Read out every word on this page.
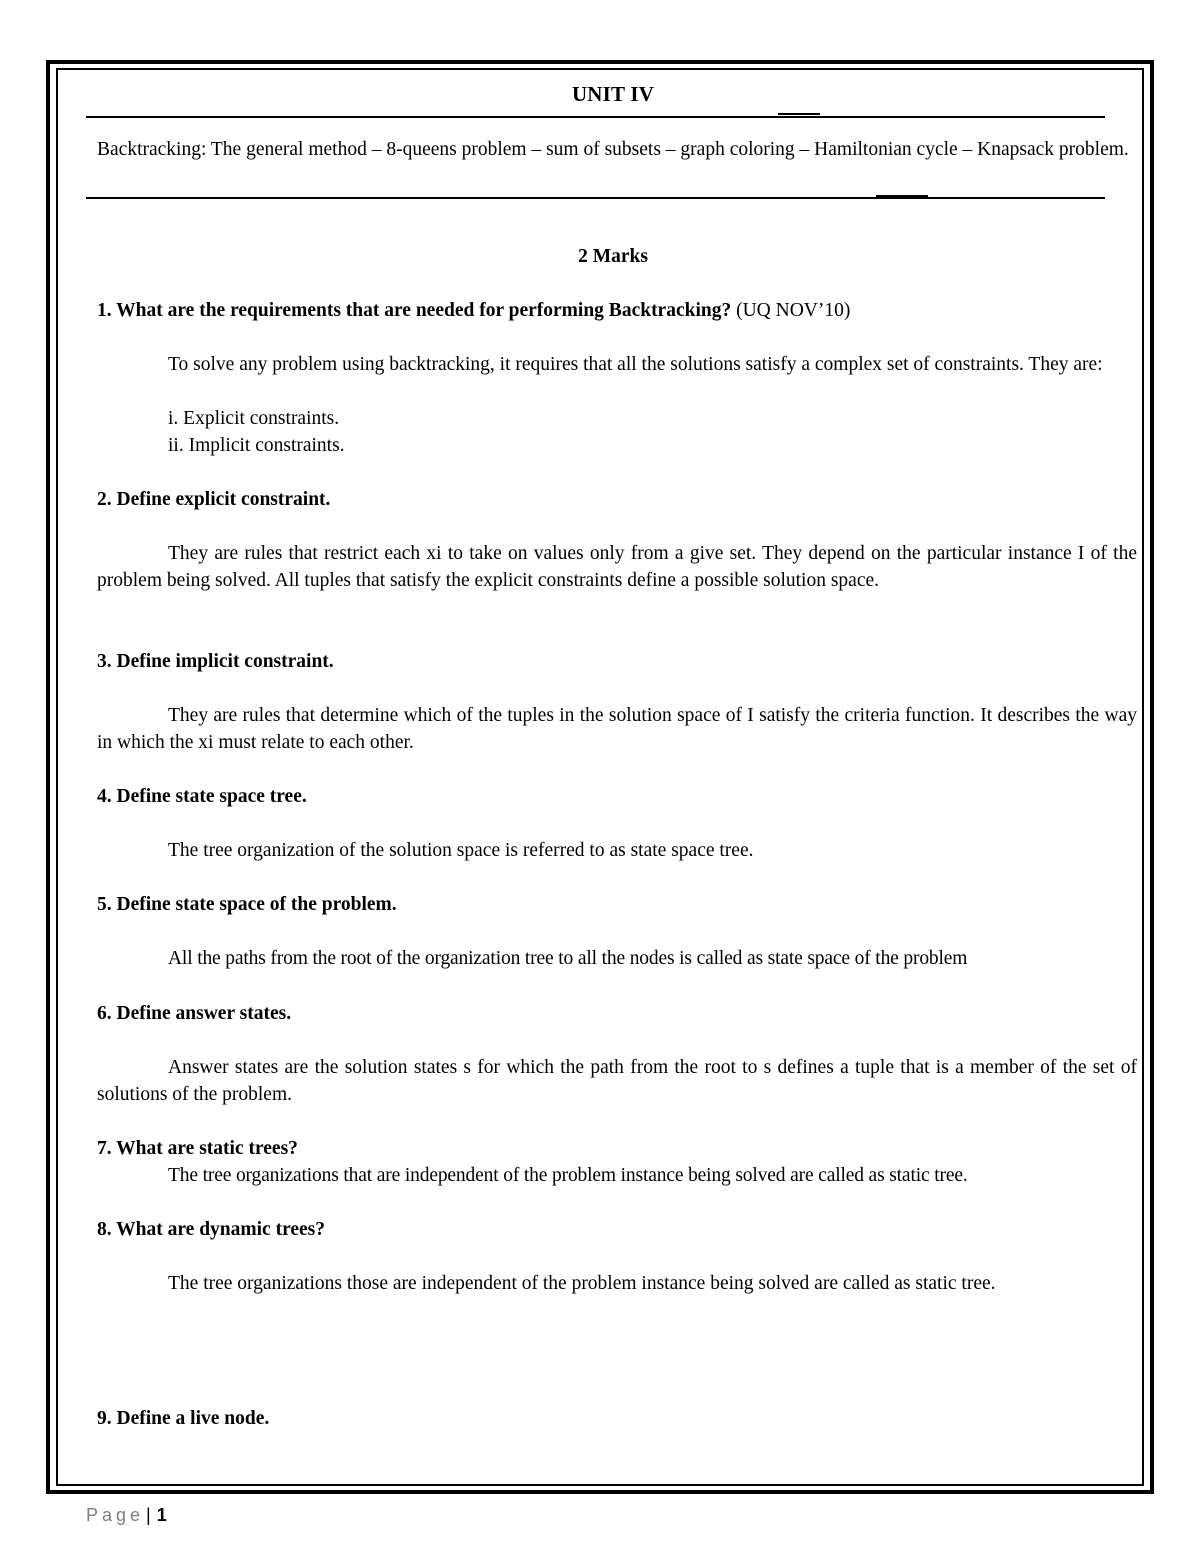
UNIT IV
Backtracking: The general method – 8-queens problem – sum of subsets – graph coloring – Hamiltonian cycle – Knapsack problem.
2 Marks
1. What are the requirements that are needed for performing Backtracking? (UQ NOV’10)
To solve any problem using backtracking, it requires that all the solutions satisfy a complex set of constraints. They are:
i. Explicit constraints.
ii. Implicit constraints.
2. Define explicit constraint.
They are rules that restrict each xi to take on values only from a give set. They depend on the particular instance I of the problem being solved. All tuples that satisfy the explicit constraints define a possible solution space.
3. Define implicit constraint.
They are rules that determine which of the tuples in the solution space of I satisfy the criteria function. It describes the way in which the xi must relate to each other.
4. Define state space tree.
The tree organization of the solution space is referred to as state space tree.
5. Define state space of the problem.
All the paths from the root of the organization tree to all the nodes is called as state space of the problem
6. Define answer states.
Answer states are the solution states s for which the path from the root to s defines a tuple that is a member of the set of solutions of the problem.
7. What are static trees?
The tree organizations that are independent of the problem instance being solved are called as static tree.
8. What are dynamic trees?
The tree organizations those are independent of the problem instance being solved are called as static tree.
9. Define a live node.
Page | 1
